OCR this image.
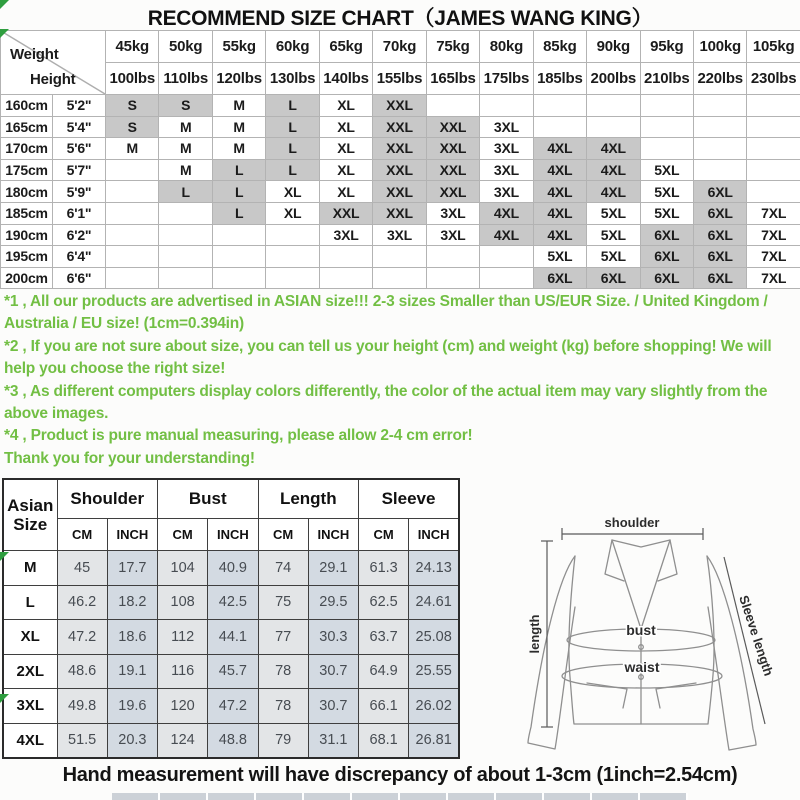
RECOMMEND SIZE CHART（JAMES WANG KING）
Weight
Height		45kg	50kg	55kg	60kg	65kg	70kg	75kg	80kg	85kg	90kg	95kg	100kg	105kg
		100lbs	110lbs	120lbs	130lbs	140lbs	155lbs	165lbs	175lbs	185lbs	200lbs	210lbs	220lbs	230lbs
160cm	5'2"	S	S	M	L	XL	XXL							
165cm	5'4"	S	M	M	L	XL	XXL	XXL	3XL					
170cm	5'6"	M	M	M	L	XL	XXL	XXL	3XL	4XL	4XL			
175cm	5'7"		M	L	L	XL	XXL	XXL	3XL	4XL	4XL	5XL		
180cm	5'9"		L	L	XL	XL	XXL	XXL	3XL	4XL	4XL	5XL	6XL	
185cm	6'1"			L	XL	XXL	XXL	3XL	4XL	4XL	5XL	5XL	6XL	7XL
190cm	6'2"					3XL	3XL	3XL	4XL	4XL	5XL	6XL	6XL	7XL
195cm	6'4"									5XL	5XL	6XL	6XL	7XL
200cm	6'6"									6XL	6XL	6XL	6XL	7XL

*1 , All our products are advertised in ASIAN size!!! 2-3 sizes Smaller than US/EUR Size. / United Kingdom / Australia / EU size! (1cm=0.394in)

*2 , If you are not sure about size, you can tell us your height (cm) and weight (kg) before shopping! We will help you choose the right size!

*3 , As different computers display colors differently, the color of the actual item may vary slightly from the above images.

*4 , Product is pure manual measuring, please allow 2-4 cm error!

Thank you for your understanding!

Asian Size	Shoulder		Bust		Length		Sleeve	
	CM	INCH	CM	INCH	CM	INCH	CM	INCH
M	45	17.7	104	40.9	74	29.1	61.3	24.13
L	46.2	18.2	108	42.5	75	29.5	62.5	24.61
XL	47.2	18.6	112	44.1	77	30.3	63.7	25.08
2XL	48.6	19.1	116	45.7	78	30.7	64.9	25.55
3XL	49.8	19.6	120	47.2	78	30.7	66.1	26.02
4XL	51.5	20.3	124	48.8	79	31.1	68.1	26.81
shoulder
length	Sleeve length
bust
waist
Hand measurement will have discrepancy of about 1-3cm (1inch=2.54cm)
